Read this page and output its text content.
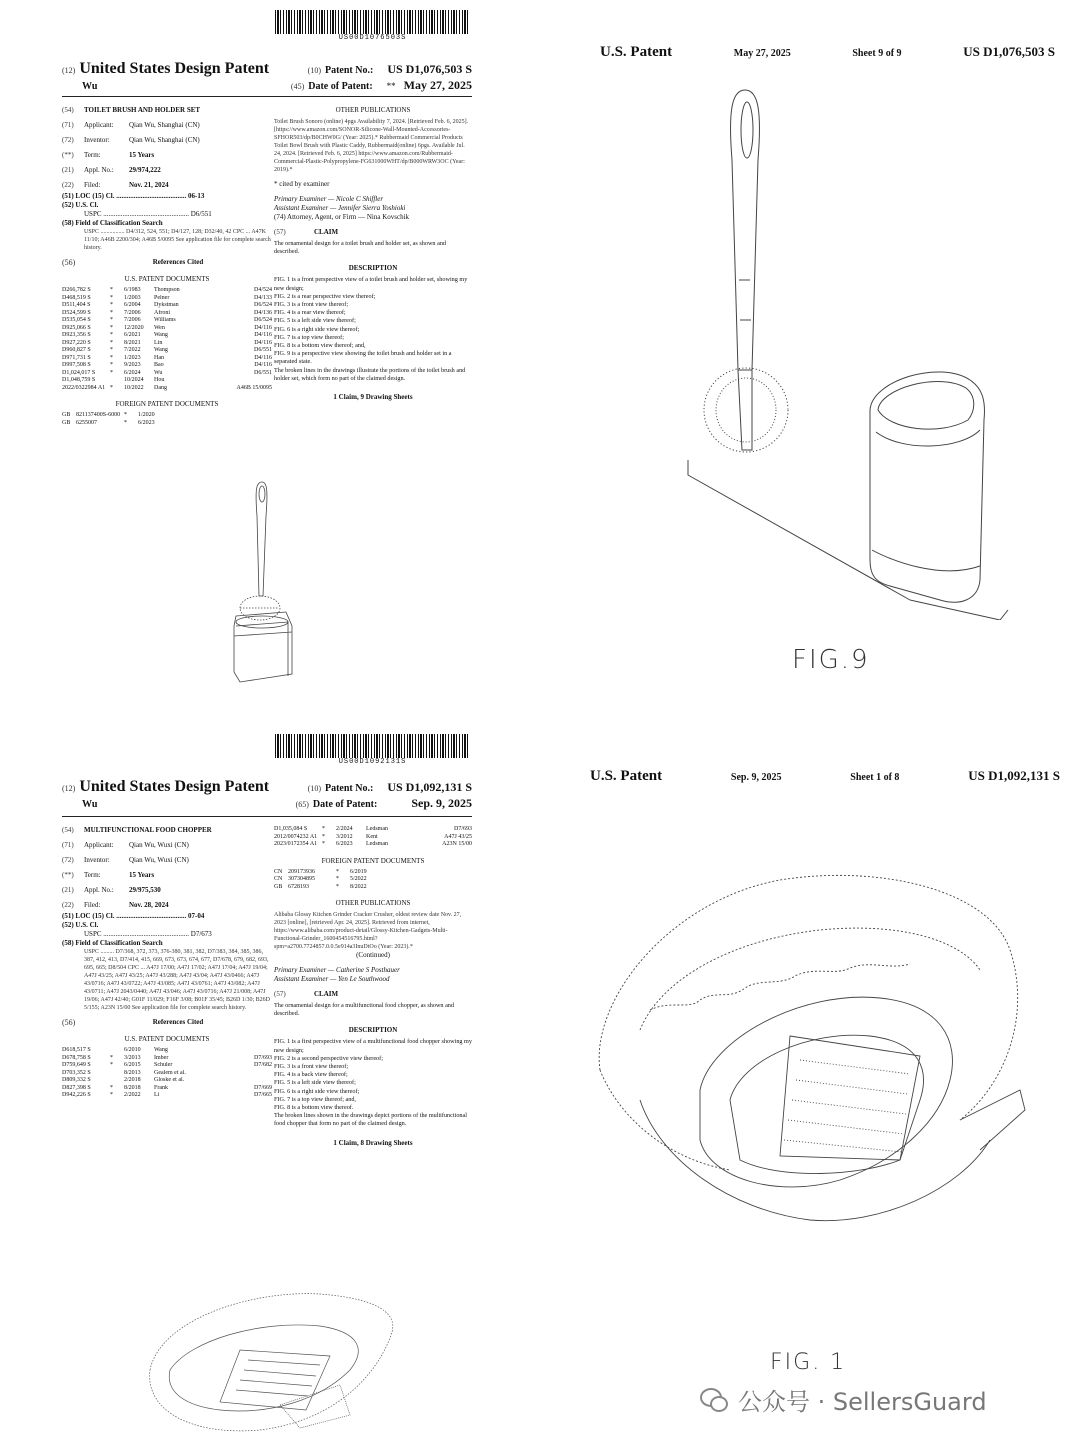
US00D1076503S
(12) United States Design Patent	(10) Patent No.: US D1,076,503 S
Wu	(45) Date of Patent: ** May 27, 2025
(54)	TOILET BRUSH AND HOLDER SET
(71)	Applicant:	Qian Wu, Shanghai (CN)
(72)	Inventor:	Qian Wu, Shanghai (CN)
(**)	Term:	15 Years
(21)	Appl. No.:	29/974,222
(22)	Filed:	Nov. 21, 2024
(51) LOC (15) Cl. ........................................ 06-13
(52) U.S. Cl.
USPC ................................................. D6/551
(58) Field of Classification Search
USPC ................ D4/312, 524, 551; D4/127, 128; D32/40, 42 CPC ... A47K 11/10; A46B 2200/304; A46B 5/0095 See application file for complete search history.
(56)	References Cited
U.S. PATENT DOCUMENTS
D266,782 S	*	6/1983	Thompson	D4/524
D468,519 S	*	1/2003	Pelner	D4/133
D511,404 S	*	6/2004	Dykstman	D6/524
D524,599 S	*	7/2006	Afroni	D4/136
D535,054 S	*	7/2006	Williams	D6/524
D925,066 S	*	12/2020	Wen	D4/116
D923,356 S	*	6/2021	Wang	D4/116
D927,220 S	*	8/2021	Lin	D4/116
D960,827 S	*	7/2022	Wang	D6/551
D971,731 S	*	1/2023	Han	D4/116
D997,508 S	*	9/2023	Bao	D4/116
D1,024,017 S	*	6/2024	Wu	D6/551
D1,048,759 S	10/2024	Hou
2022/0322984 A1 *	10/2022	Dang	A46B 15/0095
FOREIGN PATENT DOCUMENTS
GB 821137400S-6000 *	1/2020
GB 6255007	*	6/2023
OTHER PUBLICATIONS
Toilet Brush Sonoro (online) 4pgs Availability 7, 2024. [Retrieved Feb. 6, 2025]. [https://www.amazon.com/SONOR-Silicone-Wall-Mounted-Accessories-SFHOR503/dp/B0CHW0G/ (Year: 2025).* Rubbermaid Commercial Products Toilet Bowl Brush with Plastic Caddy, Rubbermaid(online) 6pgs. Available Jul. 24, 2024. [Retrieved Feb. 6, 2025] https://www.amazon.com/Rubbermaid-Commercial-Plastic-Polypropylene-FG631000WHT/dp/B000WRW3OC (Year: 2019).*
* cited by examiner
Primary Examiner — Nicole C Shiffler
Assistant Examiner — Jennifer Sierra Yoshioki
(74) Attorney, Agent, or Firm — Nina Kovschik
(57)	CLAIM
The ornamental design for a toilet brush and holder set, as shown and described.
DESCRIPTION
FIG. 1 is a front perspective view of a toilet brush and holder set, showing my new design;
FIG. 2 is a rear perspective view thereof;
FIG. 3 is a front view thereof;
FIG. 4 is a rear view thereof;
FIG. 5 is a left side view thereof;
FIG. 6 is a right side view thereof;
FIG. 7 is a top view thereof;
FIG. 8 is a bottom view thereof; and,
FIG. 9 is a perspective view showing the toilet brush and holder set in a separated state.
The broken lines in the drawings illustrate the portions of the toilet brush and holder set, which form no part of the claimed design.
1 Claim, 9 Drawing Sheets
U.S. Patent	May 27, 2025	Sheet 9 of 9	US D1,076,503 S
FIG.9
US00D1092131S
(12) United States Design Patent	(10) Patent No.: US D1,092,131 S
Wu	(65) Date of Patent:	Sep. 9, 2025
(54)	MULTIFUNCTIONAL FOOD CHOPPER
(71)	Applicant:	Qian Wu, Wuxi (CN)
(72)	Inventor:	Qian Wu, Wuxi (CN)
(**)	Term:	15 Years
(21)	Appl. No.:	29/975,530
(22)	Filed:	Nov. 28, 2024
(51) LOC (15) Cl. ........................................ 07-04
(52) U.S. Cl.
USPC ................................................. D7/673
(58) Field of Classification Search
USPC ......... D7/368, 372, 373, 376-380, 381, 382, D7/383, 384, 385, 386, 387, 412, 413, D7/414, 415, 669, 673, 673, 674, 677, D7/678, 679, 682, 693, 695, 665; D8/504 CPC ... A47J 17/00; A47J 17/02; A47J 17/04; A47J 19/04; A47J 43/25; A47J 43/25; A47J 43/288; A47J 43/04; A47J 43/0466; A47J 43/0716; A47J 43/0722; A47J 43/085; A47J 43/0761; A47J 43/082; A47J 43/0711; A47J 2043/0440; A47J 43/046; A47J 43/0716; A47J 21/008; A47J 19/06; A47J 42/40; G01F 11/029; F16F 3/08; B01F 35/45; B26D 1/30; B26D 5/155; A23N 15/00 See application file for complete search history.
(56)	References Cited
U.S. PATENT DOCUMENTS
D618,517 S	6/2010	Wang
D678,758 S	*	3/2013	Imber	D7/693
D759,649 S	*	6/2015	Schuler	D7/682
D703,352 S	8/2013	Gealem et al.
D809,332 S	2/2018	Gloske et al.
D827,398 S	*	8/2018	Frank	D7/669
D942,226 S	*	2/2022	Li	D7/665
D1,035,084 S	*	2/2024	Ledsman	D7/693
2012/0074232 A1 *	3/2012	Kent	A47J 43/25
2023/0172354 A1 *	6/2023	Ledsman	A23N 15/00
FOREIGN PATENT DOCUMENTS
CN 209173936	*	6/2019
CN 307304895	*	5/2022
GB 6728193	*	8/2022
OTHER PUBLICATIONS
Alibaba Glossy Kitchen Grinder Cracker Crusher, oldest review date Nov. 27, 2023 [online], [retrieved Apr. 24, 2025]. Retrieved from internet, https://www.alibaba.com/product-detail/Glossy-Kitchen-Gadgets-Multi-Functional-Grinder_1600454516795.html?spm=a2700.7724857.0.0.5e914a3InuDtOo (Year: 2023).*
(Continued)
Primary Examiner — Catherine S Posthauer
Assistant Examiner — Yen Le Southwood
(57)	CLAIM
The ornamental design for a multifunctional food chopper, as shown and described.
DESCRIPTION
FIG. 1 is a first perspective view of a multifunctional food chopper showing my new design;
FIG. 2 is a second perspective view thereof;
FIG. 3 is a front view thereof;
FIG. 4 is a back view thereof;
FIG. 5 is a left side view thereof;
FIG. 6 is a right side view thereof;
FIG. 7 is a top view thereof; and,
FIG. 8 is a bottom view thereof.
The broken lines shown in the drawings depict portions of the multifunctional food chopper that form no part of the claimed design.
1 Claim, 8 Drawing Sheets
U.S. Patent	Sep. 9, 2025	Sheet 1 of 8	US D1,092,131 S
FIG. 1
公众号 · SellersGuard
